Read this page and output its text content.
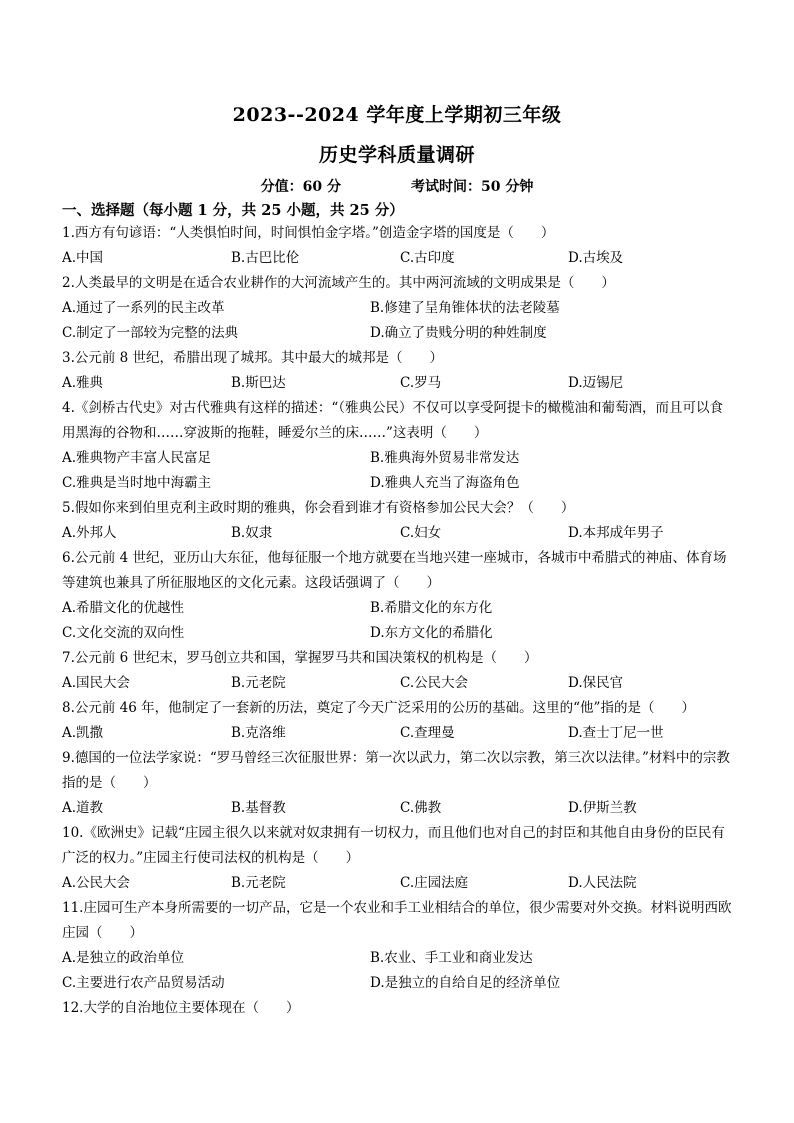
2023--2024 学年度上学期初三年级
历史学科质量调研
分值：60 分	考试时间：50 分钟
一、选择题（每小题 1 分，共 25 小题，共 25 分）
1.西方有句谚语：“人类惧怕时间，时间惧怕金字塔。”创造金字塔的国度是（　　）
A.中国	B.古巴比伦	C.古印度	D.古埃及
2.人类最早的文明是在适合农业耕作的大河流域产生的。其中两河流域的文明成果是（　　）
A.通过了一系列的民主改革	B.修建了呈角锥体状的法老陵墓
C.制定了一部较为完整的法典	D.确立了贵贱分明的种姓制度
3.公元前 8 世纪，希腊出现了城邦。其中最大的城邦是（　　）
A.雅典	B.斯巴达	C.罗马	D.迈锡尼
4.《剑桥古代史》对古代雅典有这样的描述：“（雅典公民）不仅可以享受阿提卡的橄榄油和葡萄酒，而且可以食用黑海的谷物和……穿波斯的拖鞋，睡爱尔兰的床……”这表明（　　）
A.雅典物产丰富人民富足	B.雅典海外贸易非常发达
C.雅典是当时地中海霸主	D.雅典人充当了海盗角色
5.假如你来到伯里克利主政时期的雅典，你会看到谁才有资格参加公民大会？（　　）
A.外邦人	B.奴隶	C.妇女	D.本邦成年男子
6.公元前 4 世纪，亚历山大东征，他每征服一个地方就要在当地兴建一座城市，各城市中希腊式的神庙、体育场等建筑也兼具了所征服地区的文化元素。这段话强调了（　　）
A.希腊文化的优越性	B.希腊文化的东方化
C.文化交流的双向性	D.东方文化的希腊化
7.公元前 6 世纪末，罗马创立共和国，掌握罗马共和国决策权的机构是（　　）
A.国民大会	B.元老院	C.公民大会	D.保民官
8.公元前 46 年，他制定了一套新的历法，奠定了今天广泛采用的公历的基础。这里的“他”指的是（　　）
A.凯撒	B.克洛维	C.查理曼	D.查士丁尼一世
9.德国的一位法学家说：“罗马曾经三次征服世界：第一次以武力，第二次以宗教，第三次以法律。”材料中的宗教指的是（　　）
A.道教	B.基督教	C.佛教	D.伊斯兰教
10.《欧洲史》记载“庄园主很久以来就对奴隶拥有一切权力，而且他们也对自己的封臣和其他自由身份的臣民有广泛的权力。”庄园主行使司法权的机构是（　　）
A.公民大会	B.元老院	C.庄园法庭	D.人民法院
11.庄园可生产本身所需要的一切产品，它是一个农业和手工业相结合的单位，很少需要对外交换。材料说明西欧庄园（　　）
A.是独立的政治单位	B.农业、手工业和商业发达
C.主要进行农产品贸易活动	D.是独立的自给自足的经济单位
12.大学的自治地位主要体现在（　　）
